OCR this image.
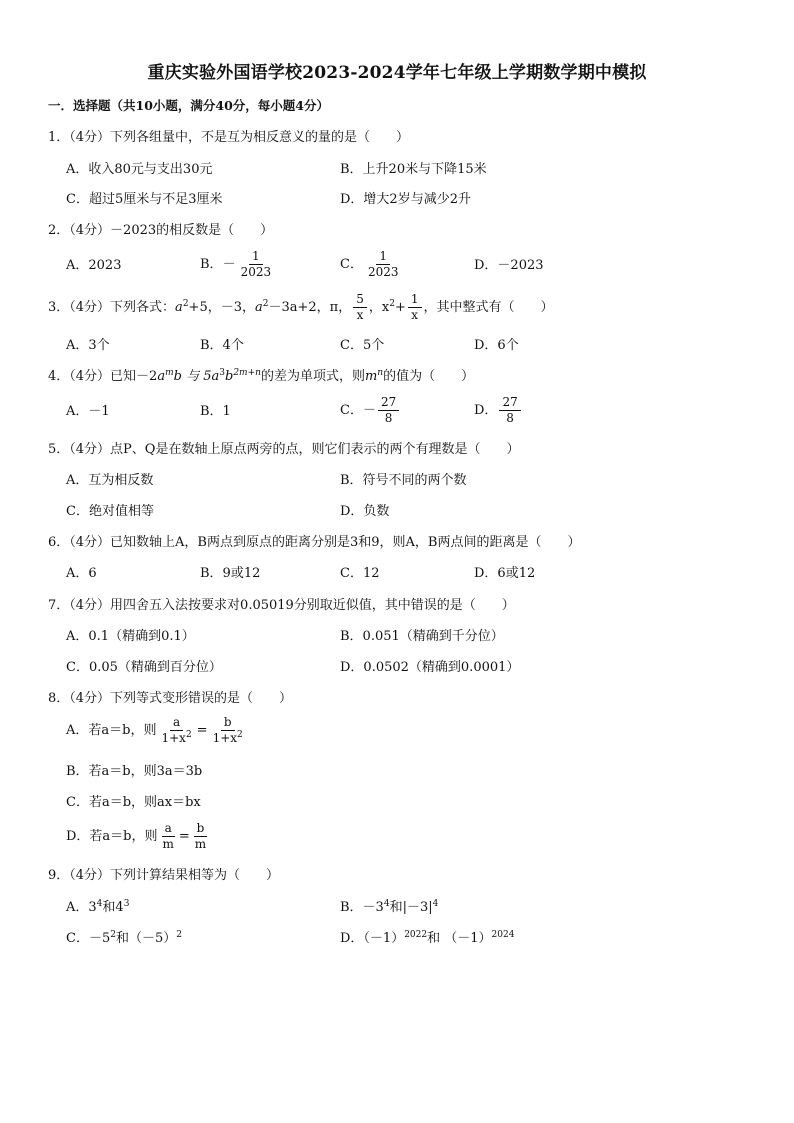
重庆实验外国语学校2023-2024学年七年级上学期数学期中模拟
一．选择题（共10小题，满分40分，每小题4分）
1．（4分）下列各组量中，不是互为相反意义的量的是（　　）
A．收入80元与支出30元	B．上升20米与下降15米
C．超过5厘米与不足3厘米	D．增大2岁与减少2升
2．（4分）－2023的相反数是（　　）
A．2023	B． － $\frac{1}{2023}$	C． $\frac{1}{2023}$	D．－2023
3．（4分）下列各式：$a^2+5$，－3，$a^2-3a+2$，π， $\frac{5}{x}$ ，$x^2+ \frac{1}{x}$ ，其中整式有（　　）
A．3个	B．4个	C．5个	D．6个
4．（4分）已知$-2a^mb$ 与 $5a^3b^{2m+n}$的差为单项式，则$m^n$的值为（　　）
A．－1	B．1	C． － $\frac{27}{8}$	D． $\frac{27}{8}$
5．（4分）点P、Q是在数轴上原点两旁的点，则它们表示的两个有理数是（　　）
A．互为相反数	B．符号不同的两个数
C．绝对值相等	D．负数
6．（4分）已知数轴上A，B两点到原点的距离分别是3和9，则A，B两点间的距离是（　　）
A．6	B．9或12	C．12	D．6或12
7．（4分）用四舍五入法按要求对0.05019分别取近似值，其中错误的是（　　）
A．0.1（精确到0.1）	B．0.051（精确到千分位）
C．0.05（精确到百分位）	D．0.0502（精确到0.0001）
8．（4分）下列等式变形错误的是（　　）
A．若a＝b，则 $\frac{a}{1+x^2} = \frac{b}{1+x^2}$
B．若a＝b，则3a＝3b
C．若a＝b，则ax＝bx
D．若a＝b，则 $\frac{a}{m} = \frac{b}{m}$
9．（4分）下列计算结果相等为（　　）
A．$3^4$和$4^3$	B．$-3^4$和$|-3|^4$
C．$-5^2$和$(-5)^2$	D．$(-1)^{2022}$和 $(-1)^{2024}$
